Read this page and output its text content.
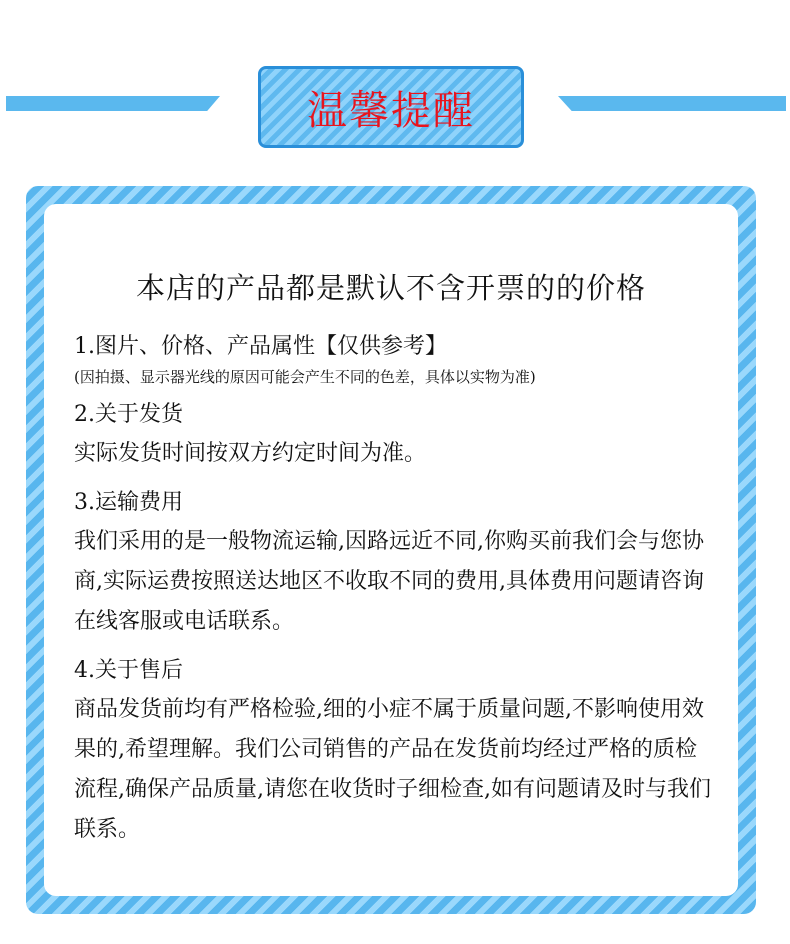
温馨提醒
本店的产品都是默认不含开票的的价格

1.图片、价格、产品属性【仅供参考】

(因拍摄、显示器光线的原因可能会产生不同的色差，具体以实物为准)

2.关于发货

实际发货时间按双方约定时间为准。

3.运输费用

我们采用的是一般物流运输,因路远近不同,你购买前我们会与您协商,实际运费按照送达地区不收取不同的费用,具体费用问题请咨询在线客服或电话联系。

4.关于售后

商品发货前均有严格检验,细的小症不属于质量问题,不影响使用效果的,希望理解。我们公司销售的产品在发货前均经过严格的质检流程,确保产品质量,请您在收货时子细检查,如有问题请及时与我们联系。
